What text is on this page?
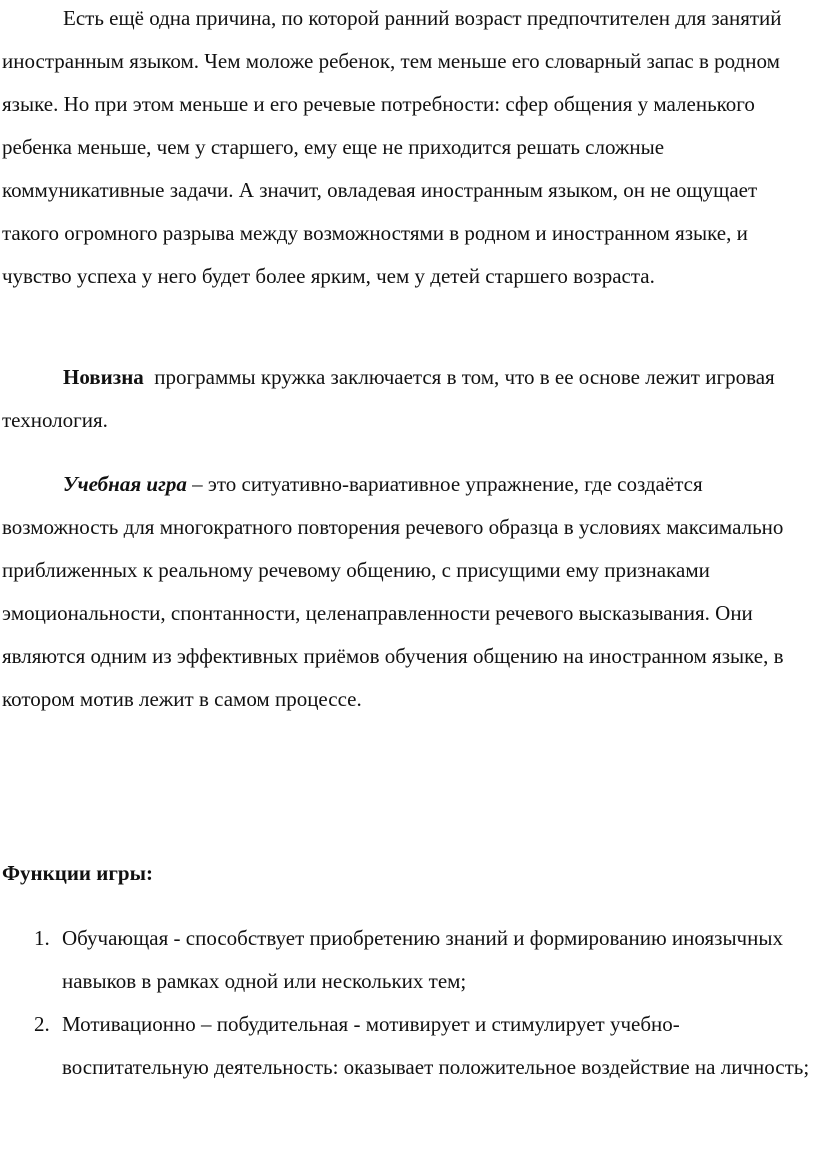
Есть ещё одна причина, по которой ранний возраст предпочтителен для занятий иностранным языком. Чем моложе ребенок, тем меньше его словарный запас в родном языке. Но при этом меньше и его речевые потребности: сфер общения у маленького ребенка меньше, чем у старшего, ему еще не приходится решать сложные коммуникативные задачи. А значит, овладевая иностранным языком, он не ощущает такого огромного разрыва между возможностями в родном и иностранном языке, и чувство успеха у него будет более ярким, чем у детей старшего возраста.

Новизна  программы кружка заключается в том, что в ее основе лежит игровая технология.

Учебная игра – это ситуативно-вариативное упражнение, где создаётся возможность для многократного повторения речевого образца в условиях максимально приближенных к реальному речевому общению, с присущими ему признаками эмоциональности, спонтанности, целенаправленности речевого высказывания. Они являются одним из эффективных приёмов обучения общению на иностранном языке, в котором мотив лежит в самом процессе.

Функции игры:

1. Обучающая - способствует приобретению знаний и формированию иноязычных навыков в рамках одной или нескольких тем;
2. Мотивационно – побудительная - мотивирует и стимулирует учебно-воспитательную деятельность: оказывает положительное воздействие на личность;
